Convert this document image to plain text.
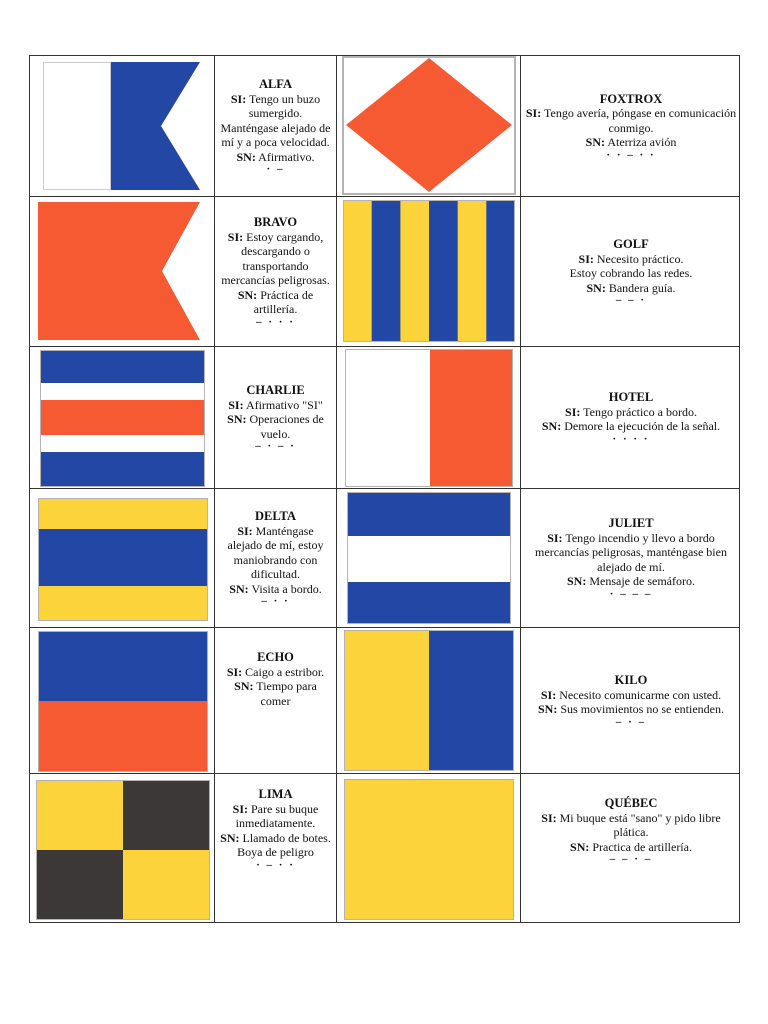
ALFA
SI: Tengo un buzo sumergido. Manténgase alejado de mí y a poca velocidad.
SN: Afirmativo.
· –
FOXTROX
SI: Tengo avería, póngase en comunicación conmigo.
SN: Aterriza avión
· · – · ·
BRAVO
SI: Estoy cargando, descargando o transportando mercancías peligrosas.
SN: Práctica de artillería.
– · · ·
GOLF
SI: Necesito práctico.
Estoy cobrando las redes.
SN: Bandera guía.
– – ·
CHARLIE
SI: Afirmativo "SI"
SN: Operaciones de vuelo.
– · – ·
HOTEL
SI: Tengo práctico a bordo.
SN: Demore la ejecución de la señal.
· · · ·
DELTA
SI: Manténgase alejado de mí, estoy maniobrando con dificultad.
SN: Visita a bordo.
– · ·
JULIET
SI: Tengo incendio y llevo a bordo mercancías peligrosas, manténgase bien alejado de mí.
SN: Mensaje de semáforo.
· – – –
ECHO
SI: Caigo a estribor.
SN: Tiempo para comer
KILO
SI: Necesito comunicarme con usted.
SN: Sus movimientos no se entienden.
– · –
LIMA
SI: Pare su buque inmediatamente.
SN: Llamado de botes. Boya de peligro
· – · ·
QUÉBEC
SI: Mi buque está "sano" y pido libre plática.
SN: Practica de artillería.
– – · –
